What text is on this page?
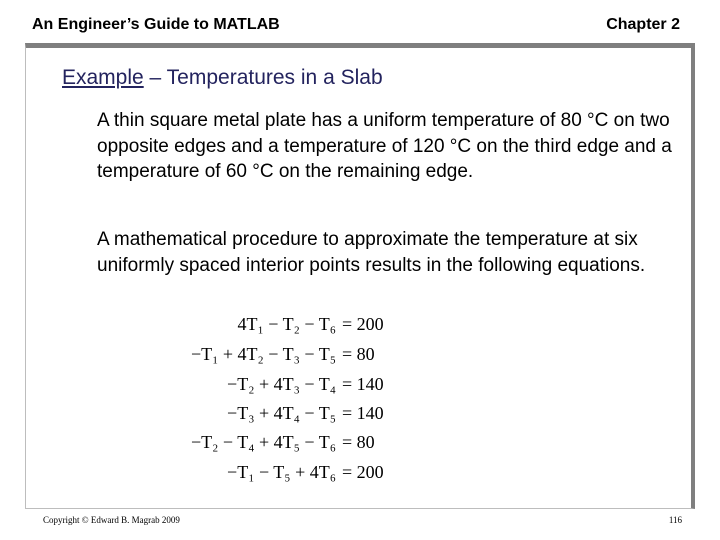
An Engineer’s Guide to MATLAB	Chapter 2
Example – Temperatures in a Slab

A thin square metal plate has a uniform temperature of 80 °C on two opposite edges and a temperature of 120 °C on the third edge and a temperature of 60 °C on the remaining edge.

A mathematical procedure to approximate the temperature at six uniformly spaced interior points results in the following equations.

4T₁ − T₂ − T₆ = 200
−T₁ + 4T₂ − T₃ − T₅ = 80
−T₂ + 4T₃ − T₄ = 140
−T₃ + 4T₄ − T₅ = 140
−T₂ − T₄ + 4T₅ − T₆ = 80
−T₁ − T₅ + 4T₆ = 200
Copyright © Edward B. Magrab 2009	116
